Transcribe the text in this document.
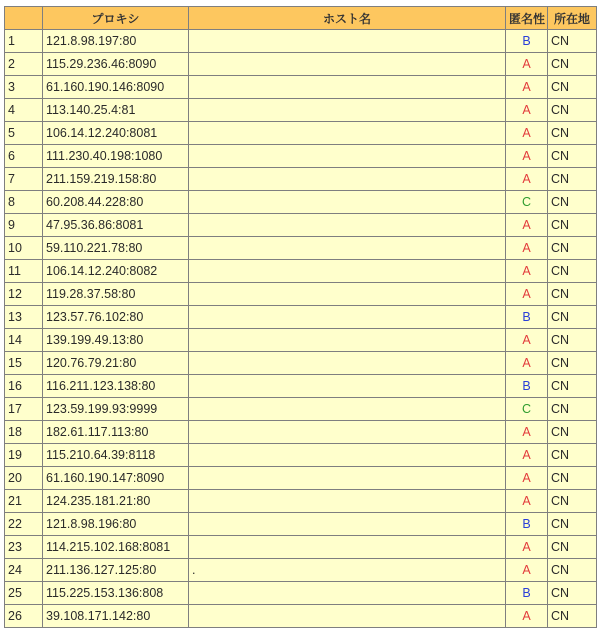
	プロキシ	ホスト名	匿名性	所在地
1	121.8.98.197:80		B	CN
2	115.29.236.46:8090		A	CN
3	61.160.190.146:8090		A	CN
4	113.140.25.4:81		A	CN
5	106.14.12.240:8081		A	CN
6	111.230.40.198:1080		A	CN
7	211.159.219.158:80		A	CN
8	60.208.44.228:80		C	CN
9	47.95.36.86:8081		A	CN
10	59.110.221.78:80		A	CN
11	106.14.12.240:8082		A	CN
12	119.28.37.58:80		A	CN
13	123.57.76.102:80		B	CN
14	139.199.49.13:80		A	CN
15	120.76.79.21:80		A	CN
16	116.211.123.138:80		B	CN
17	123.59.199.93:9999		C	CN
18	182.61.117.113:80		A	CN
19	115.210.64.39:8118		A	CN
20	61.160.190.147:8090		A	CN
21	124.235.181.21:80		A	CN
22	121.8.98.196:80		B	CN
23	114.215.102.168:8081		A	CN
24	211.136.127.125:80	.	A	CN
25	115.225.153.136:808		B	CN
26	39.108.171.142:80		A	CN
